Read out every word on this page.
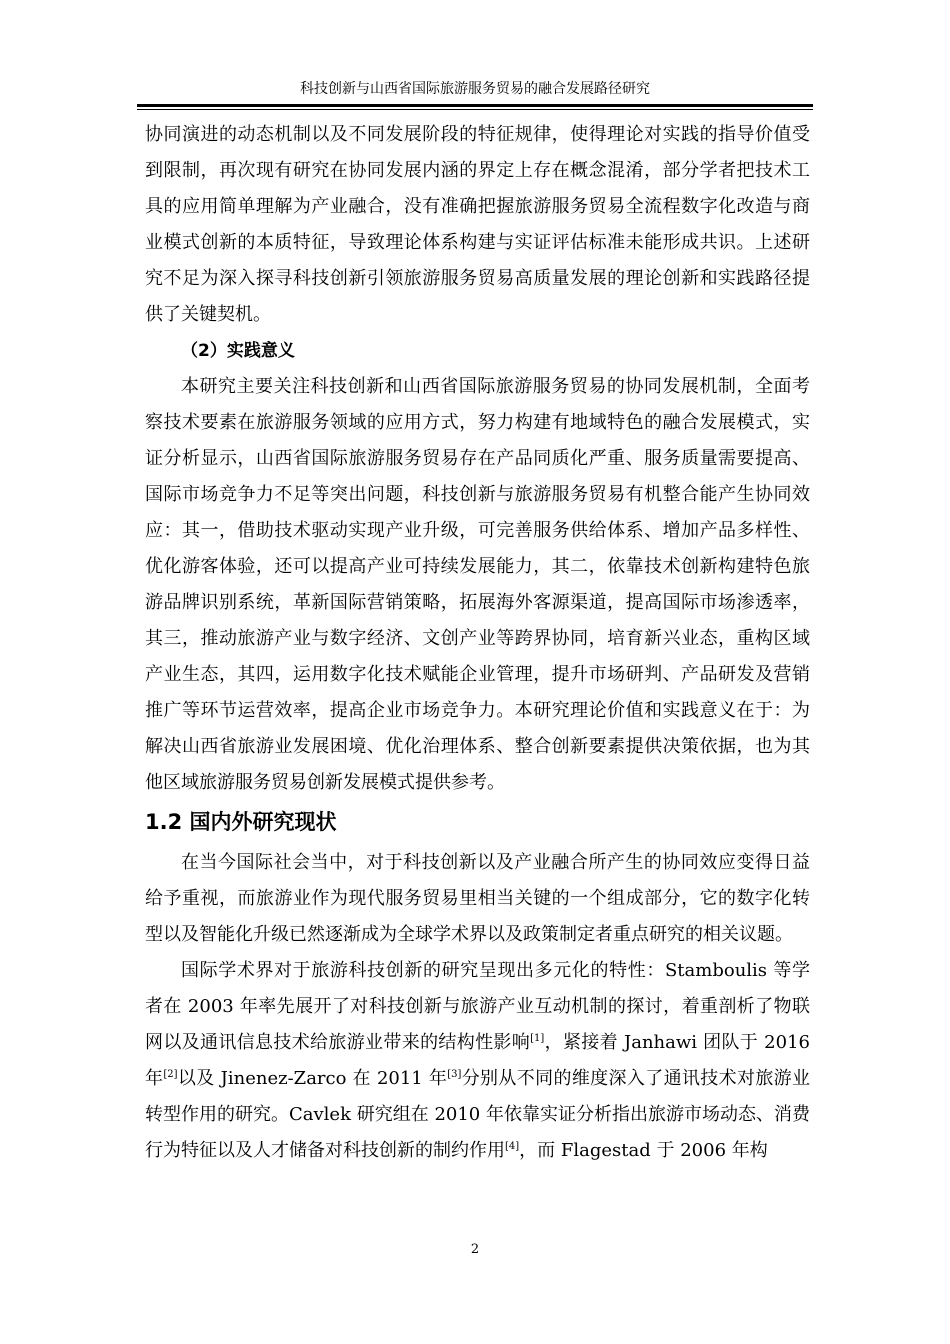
科技创新与山西省国际旅游服务贸易的融合发展路径研究

协同演进的动态机制以及不同发展阶段的特征规律，使得理论对实践的指导价值受到限制，再次现有研究在协同发展内涵的界定上存在概念混淆，部分学者把技术工具的应用简单理解为产业融合，没有准确把握旅游服务贸易全流程数字化改造与商业模式创新的本质特征，导致理论体系构建与实证评估标准未能形成共识。上述研究不足为深入探寻科技创新引领旅游服务贸易高质量发展的理论创新和实践路径提供了关键契机。

（2）实践意义

本研究主要关注科技创新和山西省国际旅游服务贸易的协同发展机制，全面考察技术要素在旅游服务领域的应用方式，努力构建有地域特色的融合发展模式，实证分析显示，山西省国际旅游服务贸易存在产品同质化严重、服务质量需要提高、国际市场竞争力不足等突出问题，科技创新与旅游服务贸易有机整合能产生协同效应：其一，借助技术驱动实现产业升级，可完善服务供给体系、增加产品多样性、优化游客体验，还可以提高产业可持续发展能力，其二，依靠技术创新构建特色旅游品牌识别系统，革新国际营销策略，拓展海外客源渠道，提高国际市场渗透率，其三，推动旅游产业与数字经济、文创产业等跨界协同，培育新兴业态，重构区域产业生态，其四，运用数字化技术赋能企业管理，提升市场研判、产品研发及营销推广等环节运营效率，提高企业市场竞争力。本研究理论价值和实践意义在于：为解决山西省旅游业发展困境、优化治理体系、整合创新要素提供决策依据，也为其他区域旅游服务贸易创新发展模式提供参考。

1.2 国内外研究现状

在当今国际社会当中，对于科技创新以及产业融合所产生的协同效应变得日益给予重视，而旅游业作为现代服务贸易里相当关键的一个组成部分，它的数字化转型以及智能化升级已然逐渐成为全球学术界以及政策制定者重点研究的相关议题。

国际学术界对于旅游科技创新的研究呈现出多元化的特性：Stamboulis 等学者在 2003 年率先展开了对科技创新与旅游产业互动机制的探讨，着重剖析了物联网以及通讯信息技术给旅游业带来的结构性影响[1]，紧接着 Janhawi 团队于 2016 年[2]以及 Jinenez-Zarco 在 2011 年[3]分别从不同的维度深入了通讯技术对旅游业转型作用的研究。Cavlek 研究组在 2010 年依靠实证分析指出旅游市场动态、消费行为特征以及人才储备对科技创新的制约作用[4]，而 Flagestad 于 2006 年构

2
